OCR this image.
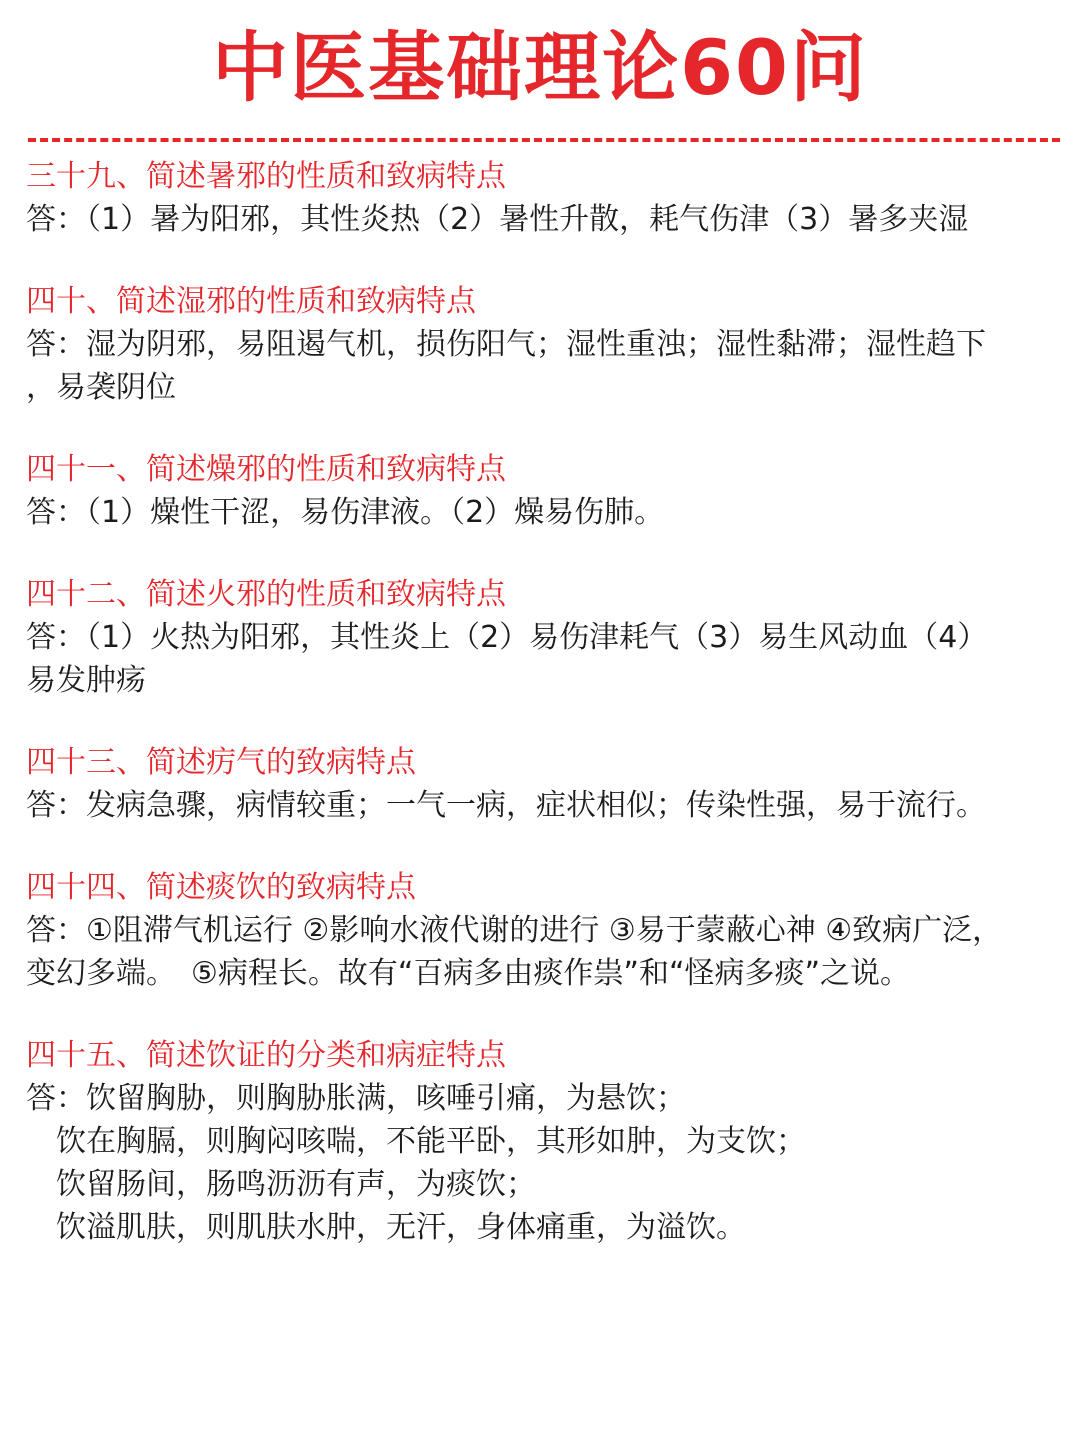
中医基础理论60问
三十九、简述暑邪的性质和致病特点
答：（1）暑为阳邪，其性炎热（2）暑性升散，耗气伤津（3）暑多夹湿
四十、简述湿邪的性质和致病特点
答：湿为阴邪，易阻遏气机，损伤阳气；湿性重浊；湿性黏滞；湿性趋下
，易袭阴位
四十一、简述燥邪的性质和致病特点
答：（1）燥性干涩，易伤津液。（2）燥易伤肺。
四十二、简述火邪的性质和致病特点
答：（1）火热为阳邪，其性炎上（2）易伤津耗气（3）易生风动血（4）
易发肿疡
四十三、简述疠气的致病特点
答：发病急骤，病情较重；一气一病，症状相似；传染性强，易于流行。
四十四、简述痰饮的致病特点
答：①阻滞气机运行 ②影响水液代谢的进行 ③易于蒙蔽心神 ④致病广泛，
变幻多端。　⑤病程长。故有“百病多由痰作祟”和“怪病多痰”之说。
四十五、简述饮证的分类和病症特点
答：饮留胸胁，则胸胁胀满，咳唾引痛，为悬饮；
饮在胸膈，则胸闷咳喘，不能平卧，其形如肿，为支饮；
饮留肠间，肠鸣沥沥有声，为痰饮；
饮溢肌肤，则肌肤水肿，无汗，身体痛重，为溢饮。
